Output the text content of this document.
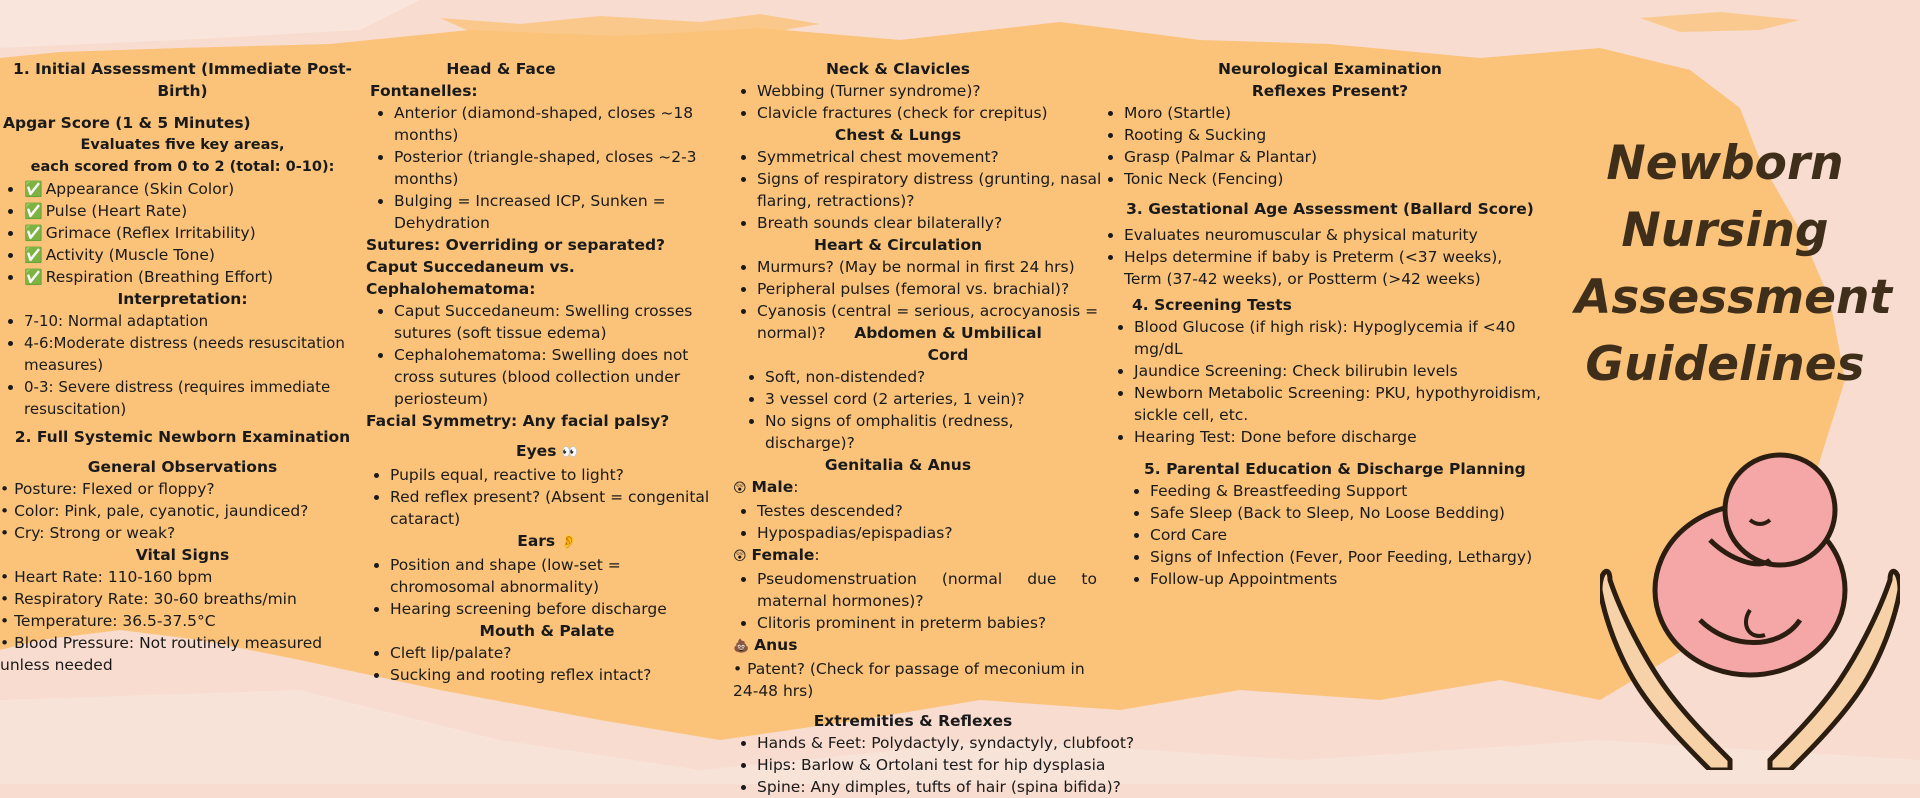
1. Initial Assessment (Immediate Post-Birth)
Apgar Score (1 & 5 Minutes)
Evaluates five key areas,
each scored from 0 to 2 (total: 0-10):
• ✅ Appearance (Skin Color)
• ✅ Pulse (Heart Rate)
• ✅ Grimace (Reflex Irritability)
• ✅ Activity (Muscle Tone)
• ✅ Respiration (Breathing Effort)
Interpretation:
• 7-10: Normal adaptation
• 4-6:Moderate distress (needs resuscitation measures)
• 0-3: Severe distress (requires immediate resuscitation)
2. Full Systemic Newborn Examination
General Observations
• Posture: Flexed or floppy?
• Color: Pink, pale, cyanotic, jaundiced?
• Cry: Strong or weak?
Vital Signs
• Heart Rate: 110-160 bpm
• Respiratory Rate: 30-60 breaths/min
• Temperature: 36.5-37.5°C
• Blood Pressure: Not routinely measured unless needed
Head & Face
Fontanelles:
• Anterior (diamond-shaped, closes ~18 months)
• Posterior (triangle-shaped, closes ~2-3 months)
• Bulging = Increased ICP, Sunken = Dehydration
Sutures: Overriding or separated?
Caput Succedaneum vs. Cephalohematoma:
• Caput Succedaneum: Swelling crosses sutures (soft tissue edema)
• Cephalohematoma: Swelling does not cross sutures (blood collection under periosteum)
Facial Symmetry: Any facial palsy?
Eyes 👀
• Pupils equal, reactive to light?
• Red reflex present? (Absent = congenital cataract)
Ears 👂
• Position and shape (low-set = chromosomal abnormality)
• Hearing screening before discharge
Mouth & Palate
• Cleft lip/palate?
• Sucking and rooting reflex intact?
Neck & Clavicles
• Webbing (Turner syndrome)?
• Clavicle fractures (check for crepitus)
Chest & Lungs
• Symmetrical chest movement?
• Signs of respiratory distress (grunting, nasal flaring, retractions)?
• Breath sounds clear bilaterally?
Heart & Circulation
• Murmurs? (May be normal in first 24 hrs)
• Peripheral pulses (femoral vs. brachial)?
• Cyanosis (central = serious, acrocyanosis = normal)?	Abdomen & Umbilical Cord
• Soft, non-distended?
• 3 vessel cord (2 arteries, 1 vein)?
• No signs of omphalitis (redness, discharge)?
Genitalia & Anus
😲 Male:
• Testes descended?
• Hypospadias/epispadias?
😲 Female:
• Pseudomenstruation (normal due to maternal hormones)?
• Clitoris prominent in preterm babies?
💩 Anus
• Patent? (Check for passage of meconium in 24-48 hrs)
Extremities & Reflexes
• Hands & Feet: Polydactyly, syndactyly, clubfoot?
• Hips: Barlow & Ortolani test for hip dysplasia
• Spine: Any dimples, tufts of hair (spina bifida)?
Neurological Examination
Reflexes Present?
• Moro (Startle)
• Rooting & Sucking
• Grasp (Palmar & Plantar)
• Tonic Neck (Fencing)
3. Gestational Age Assessment (Ballard Score)
• Evaluates neuromuscular & physical maturity
• Helps determine if baby is Preterm (<37 weeks), Term (37-42 weeks), or Postterm (>42 weeks)
4. Screening Tests
• Blood Glucose (if high risk): Hypoglycemia if <40 mg/dL
• Jaundice Screening: Check bilirubin levels
• Newborn Metabolic Screening: PKU, hypothyroidism, sickle cell, etc.
• Hearing Test: Done before discharge
5. Parental Education & Discharge Planning
• Feeding & Breastfeeding Support
• Safe Sleep (Back to Sleep, No Loose Bedding)
• Cord Care
• Signs of Infection (Fever, Poor Feeding, Lethargy)
• Follow-up Appointments
Newborn
Nursing
Assessment
Guidelines
